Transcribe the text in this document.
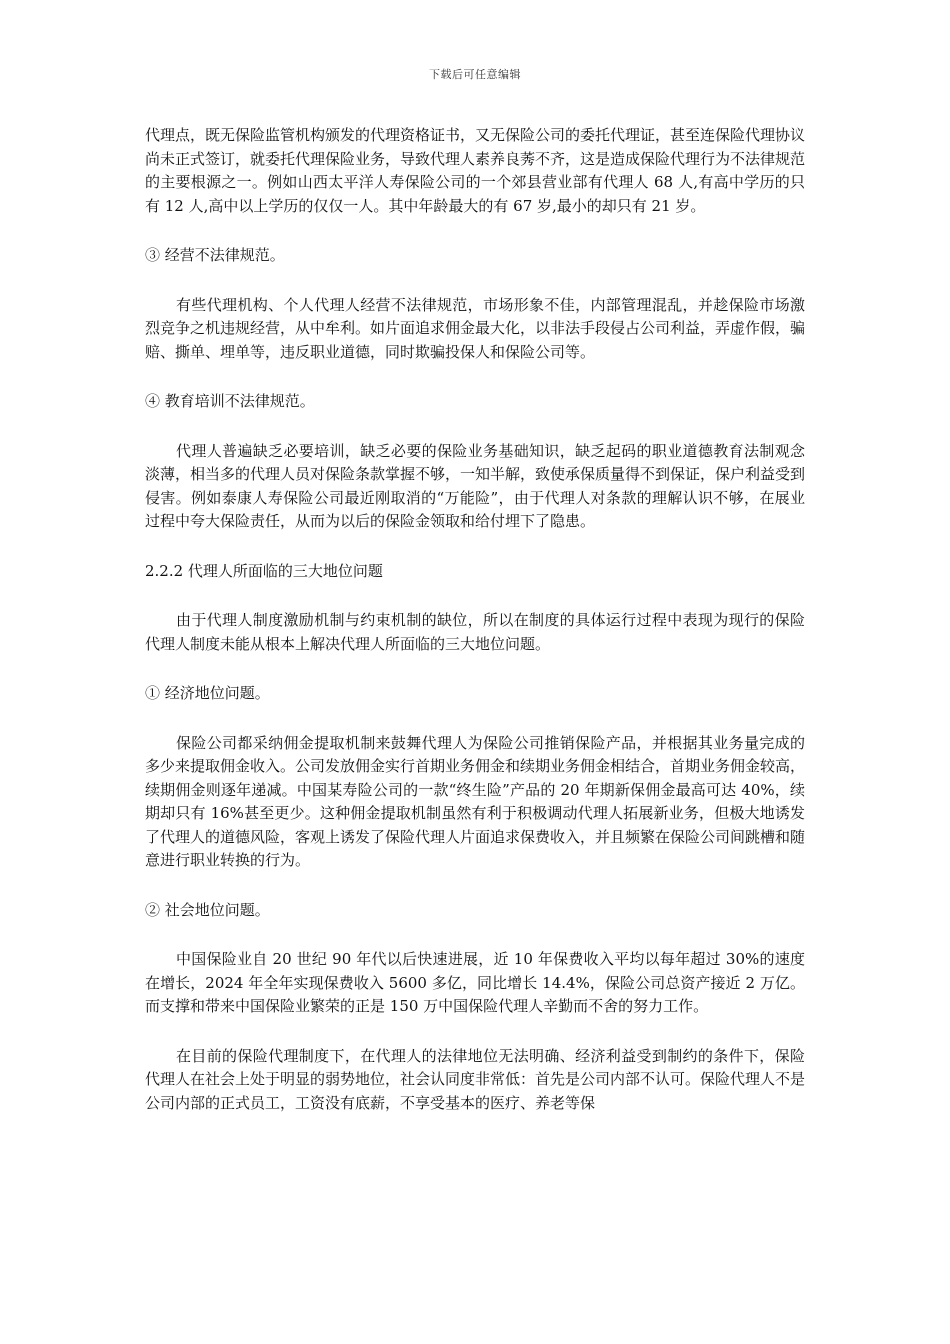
下载后可任意编辑

代理点，既无保险监管机构颁发的代理资格证书，又无保险公司的委托代理证，甚至连保险代理协议尚未正式签订，就委托代理保险业务，导致代理人素养良莠不齐，这是造成保险代理行为不法律规范的主要根源之一。例如山西太平洋人寿保险公司的一个郊县营业部有代理人 68 人,有高中学历的只有 12 人,高中以上学历的仅仅一人。其中年龄最大的有 67 岁,最小的却只有 21 岁。

③ 经营不法律规范。

有些代理机构、个人代理人经营不法律规范，市场形象不佳，内部管理混乱，并趁保险市场激烈竞争之机违规经营，从中牟利。如片面追求佣金最大化，以非法手段侵占公司利益，弄虚作假，骗赔、撕单、埋单等，违反职业道德，同时欺骗投保人和保险公司等。

④ 教育培训不法律规范。

代理人普遍缺乏必要培训，缺乏必要的保险业务基础知识，缺乏起码的职业道德教育法制观念淡薄，相当多的代理人员对保险条款掌握不够，一知半解，致使承保质量得不到保证，保户利益受到侵害。例如泰康人寿保险公司最近刚取消的“万能险”，由于代理人对条款的理解认识不够，在展业过程中夸大保险责任，从而为以后的保险金领取和给付埋下了隐患。

2.2.2 代理人所面临的三大地位问题

由于代理人制度激励机制与约束机制的缺位，所以在制度的具体运行过程中表现为现行的保险代理人制度未能从根本上解决代理人所面临的三大地位问题。

① 经济地位问题。

保险公司都采纳佣金提取机制来鼓舞代理人为保险公司推销保险产品，并根据其业务量完成的多少来提取佣金收入。公司发放佣金实行首期业务佣金和续期业务佣金相结合，首期业务佣金较高，续期佣金则逐年递减。中国某寿险公司的一款“终生险”产品的 20 年期新保佣金最高可达 40%，续期却只有 16%甚至更少。这种佣金提取机制虽然有利于积极调动代理人拓展新业务，但极大地诱发了代理人的道德风险，客观上诱发了保险代理人片面追求保费收入，并且频繁在保险公司间跳槽和随意进行职业转换的行为。

② 社会地位问题。

中国保险业自 20 世纪 90 年代以后快速进展，近 10 年保费收入平均以每年超过 30%的速度在增长，2024 年全年实现保费收入 5600 多亿，同比增长 14.4%，保险公司总资产接近 2 万亿。而支撑和带来中国保险业繁荣的正是 150 万中国保险代理人辛勤而不舍的努力工作。

在目前的保险代理制度下，在代理人的法律地位无法明确、经济利益受到制约的条件下，保险代理人在社会上处于明显的弱势地位，社会认同度非常低：首先是公司内部不认可。保险代理人不是公司内部的正式员工，工资没有底薪，不享受基本的医疗、养老等保
